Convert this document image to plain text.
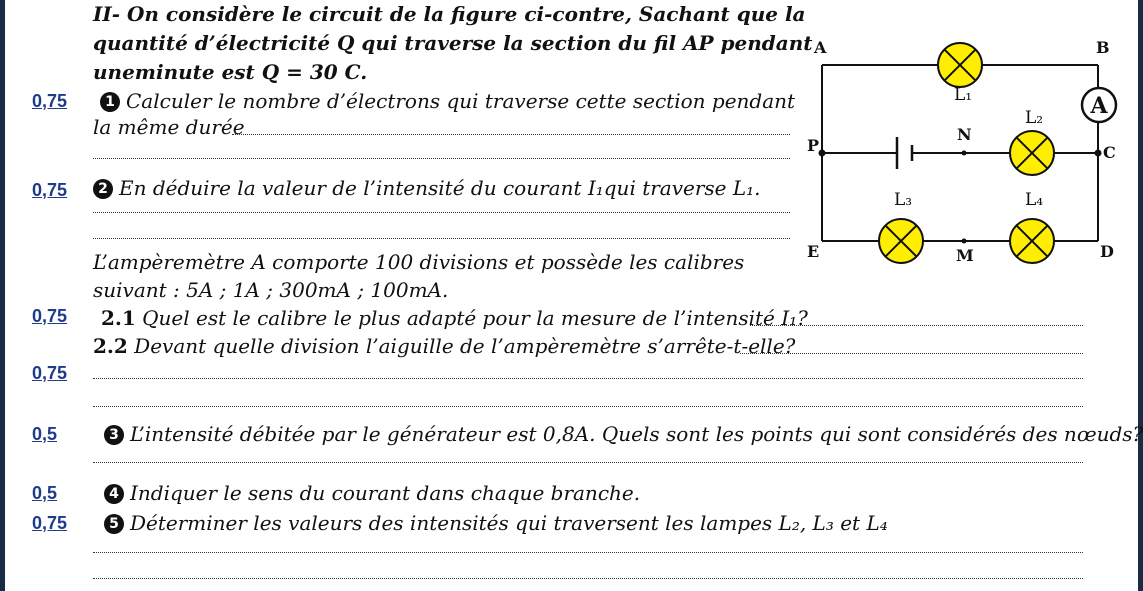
II- On considère le circuit de la figure ci-contre, Sachant que la
quantité d’électricité Q qui traverse la section du fil AP pendant
uneminute est Q = 30 C.
0,75	1 Calculer le nombre d’électrons qui traverse cette section pendant
la même durée
0,75	2 En déduire la valeur de l’intensité du courant I₁qui traverse L₁.
L’ampèremètre A comporte 100 divisions et possède les calibres
suivant : 5A ; 1A ; 300mA ; 100mA.
0,75 2.1 Quel est le calibre le plus adapté pour la mesure de l’intensité I₁?
2.2 Devant quelle division l’aiguille de l’ampèremètre s’arrête-t-elle?
0,75
0,5	3 L’intensité débitée par le générateur est 0,8A. Quels sont les points qui sont considérés des nœuds?
0,5	4 Indiquer le sens du courant dans chaque branche.
0,75	5 Déterminer les valeurs des intensités qui traversent les lampes L₂, L₃ et L₄
A
A	B
P	C
N
E	D
M
L₁
L₂
L₃	L₄
